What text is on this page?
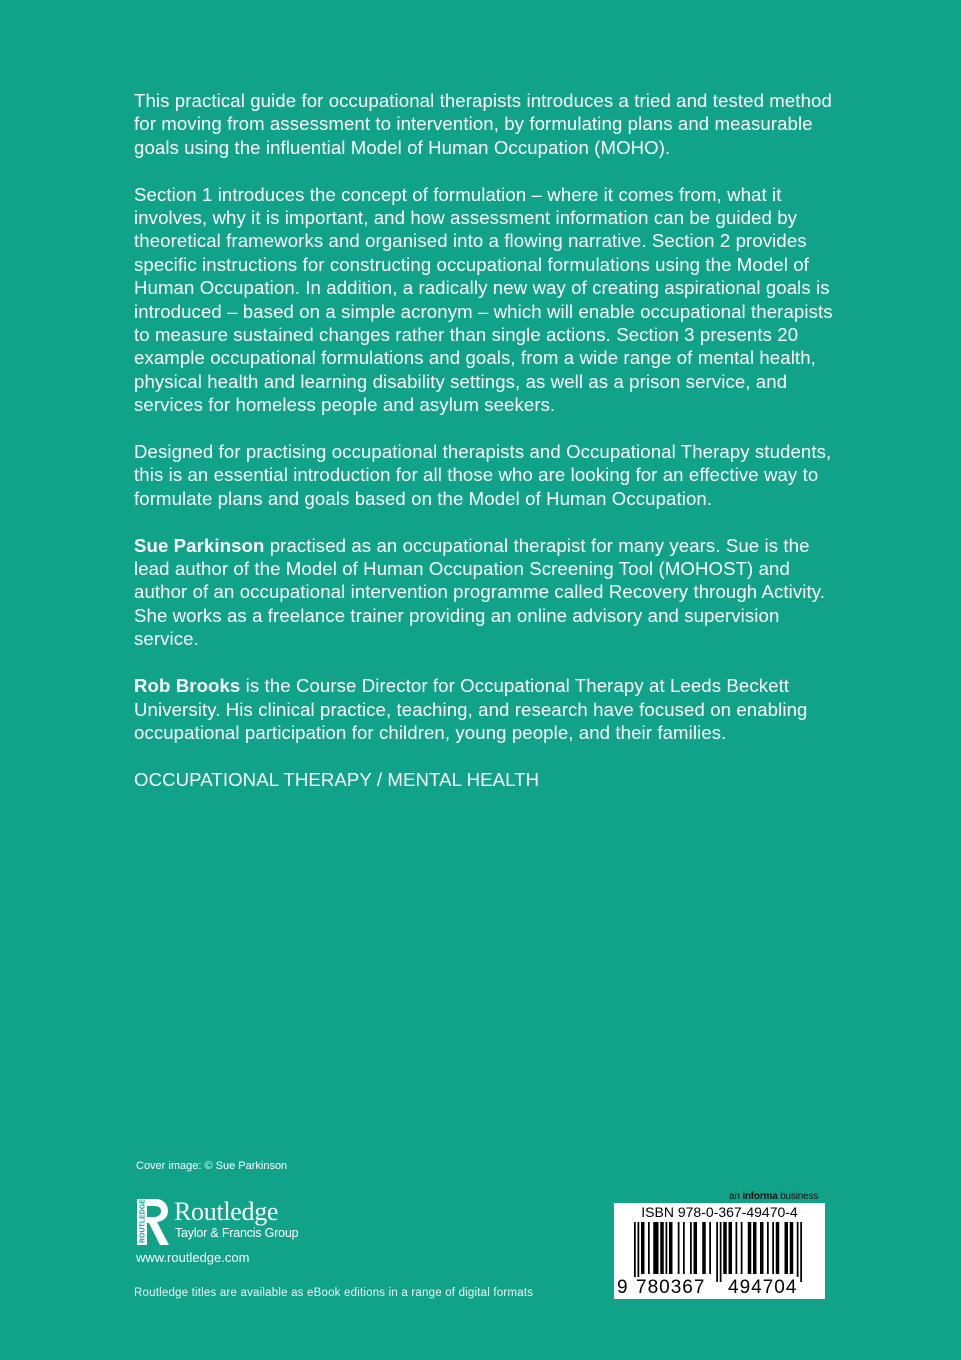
This practical guide for occupational therapists introduces a tried and tested method for moving from assessment to intervention, by formulating plans and measurable goals using the influential Model of Human Occupation (MOHO).

Section 1 introduces the concept of formulation – where it comes from, what it involves, why it is important, and how assessment information can be guided by theoretical frameworks and organised into a flowing narrative. Section 2 provides specific instructions for constructing occupational formulations using the Model of Human Occupation. In addition, a radically new way of creating aspirational goals is introduced – based on a simple acronym – which will enable occupational therapists to measure sustained changes rather than single actions. Section 3 presents 20 example occupational formulations and goals, from a wide range of mental health, physical health and learning disability settings, as well as a prison service, and services for homeless people and asylum seekers.

Designed for practising occupational therapists and Occupational Therapy students, this is an essential introduction for all those who are looking for an effective way to formulate plans and goals based on the Model of Human Occupation.

Sue Parkinson practised as an occupational therapist for many years. Sue is the lead author of the Model of Human Occupation Screening Tool (MOHOST) and author of an occupational intervention programme called Recovery through Activity. She works as a freelance trainer providing an online advisory and supervision service.

Rob Brooks is the Course Director for Occupational Therapy at Leeds Beckett University. His clinical practice, teaching, and research have focused on enabling occupational participation for children, young people, and their families.

OCCUPATIONAL THERAPY / MENTAL HEALTH

Cover image: © Sue Parkinson
ROUTLEDGE Routledge
Taylor & Francis Group
www.routledge.com
Routledge titles are available as eBook editions in a range of digital formats
an informa business
ISBN 978-0-367-49470-4
9 780367 494704
